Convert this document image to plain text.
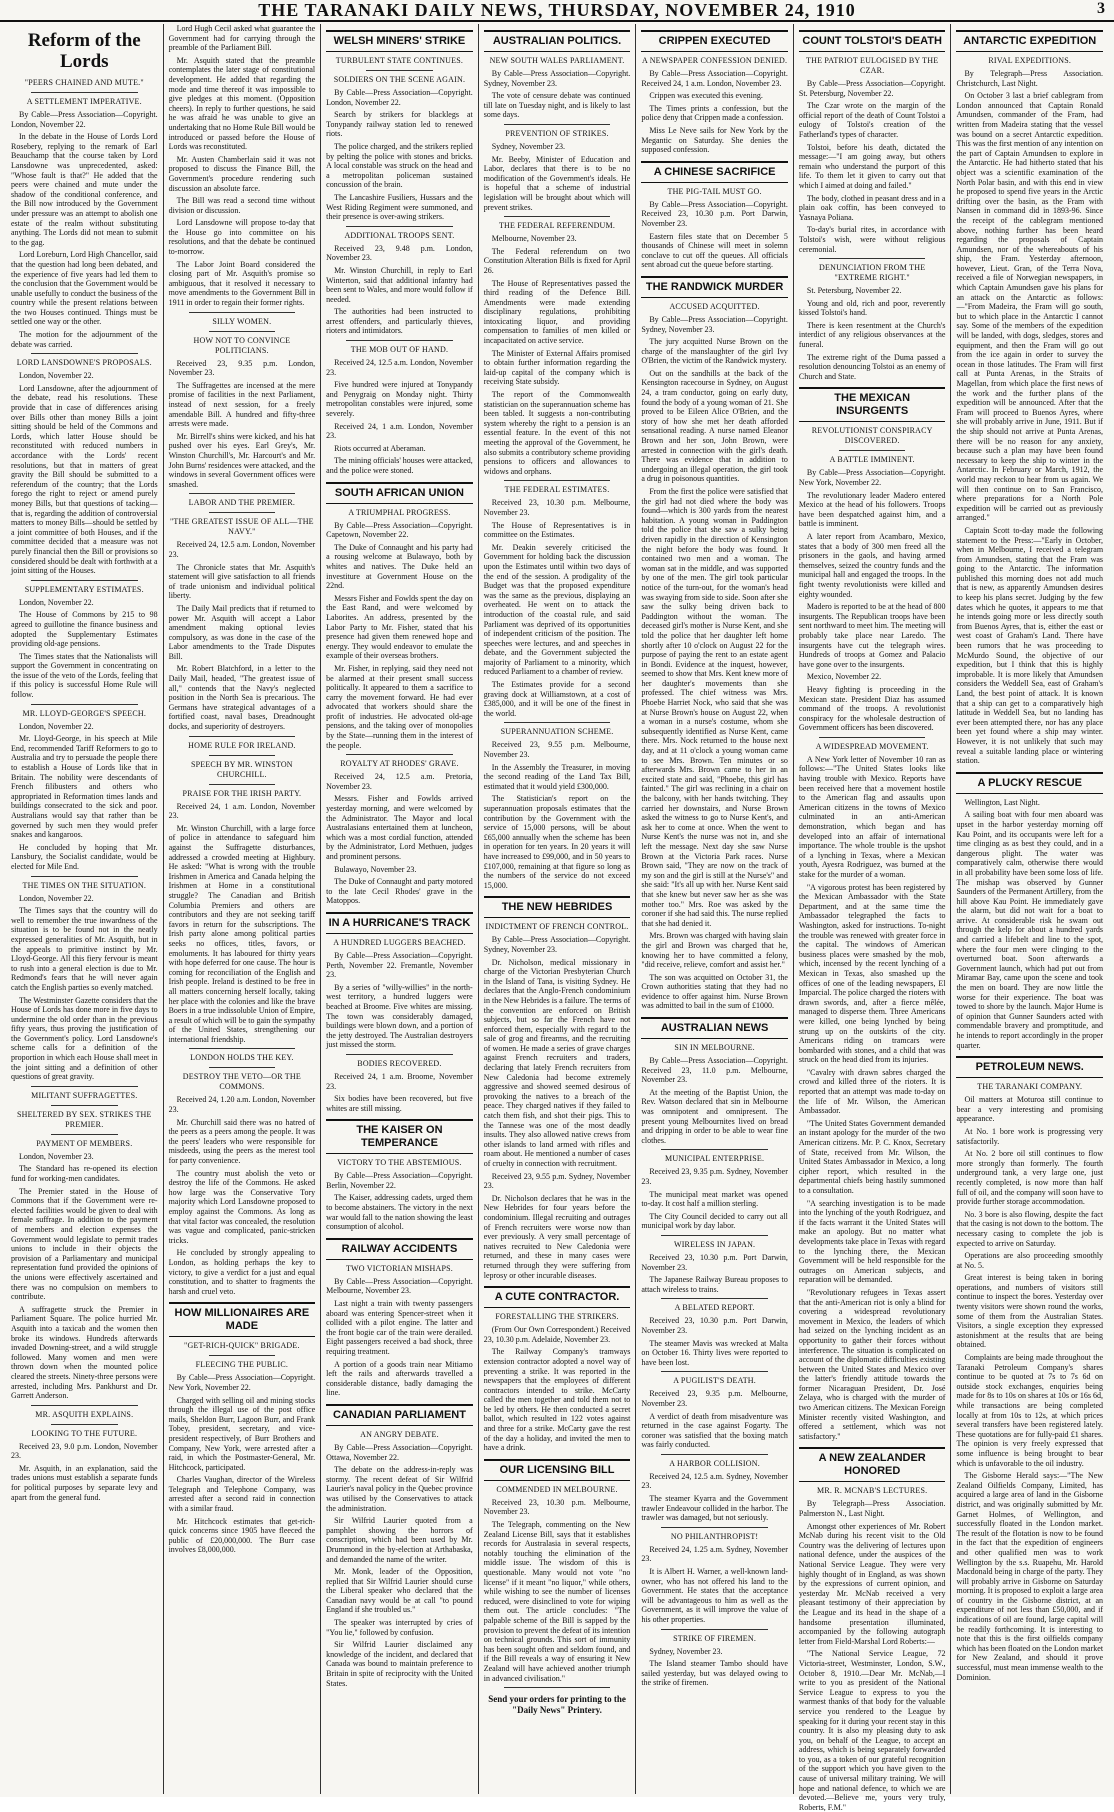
THE TARANAKI DAILY NEWS, THURSDAY, NOVEMBER 24, 1910	3
Reform of the Lords
"PEERS CHAINED AND MUTE."
A SETTLEMENT IMPERATIVE.

By Cable—Press Association—Copyright. London, November 22.

In the debate in the House of Lords Lord Rosebery, replying to the remark of Earl Beauchamp that the course taken by Lord Lansdowne was unprecedented, asked: "Whose fault is that?" He added that the peers were chained and mute under the shadow of the conditional conference, and the Bill now introduced by the Government under pressure was an attempt to abolish one estate of the realm without substituting anything. The Lords did not mean to submit to the gag.

Lord Loreburn, Lord High Chancellor, said that the question had long been debated, and the experience of five years had led them to the conclusion that the Government would be unable usefully to conduct the business of the country while the present relations between the two Houses continued. Things must be settled one way or the other.

The motion for the adjournment of the debate was carried.

LORD LANSDOWNE'S PROPOSALS.

London, November 22.

Lord Lansdowne, after the adjournment of the debate, read his resolutions. These provide that in case of differences arising over Bills other than money Bills a joint sitting should be held of the Commons and Lords, which latter House should be reconstituted with reduced numbers in accordance with the Lords' recent resolutions, but that in matters of great gravity the Bill should be submitted to a referendum of the country; that the Lords forego the right to reject or amend purely money Bills, but that questions of tacking—that is, regarding the addition of controversial matters to money Bills—should be settled by a joint committee of both Houses, and if the committee decided that a measure was not purely financial then the Bill or provisions so considered should be dealt with forthwith at a joint sitting of the Houses.

SUPPLEMENTARY ESTIMATES.

London, November 22.

The House of Commons by 215 to 98 agreed to guillotine the finance business and adopted the Supplementary Estimates providing old-age pensions.

The Times states that the Nationalists will support the Government in concentrating on the issue of the veto of the Lords, feeling that if this policy is successful Home Rule will follow.

MR. LLOYD-GEORGE'S SPEECH.

London, November 22.

Mr. Lloyd-George, in his speech at Mile End, recommended Tariff Reformers to go to Australia and try to persuade the people there to establish a House of Lords like that in Britain. The nobility were descendants of French filibusters and others who appropriated in Reformation times lands and buildings consecrated to the sick and poor. Australians would say that rather than be governed by such men they would prefer snakes and kangaroos.

He concluded by hoping that Mr. Lansbury, the Socialist candidate, would be elected for Mile End.

THE TIMES ON THE SITUATION.

London, November 22.

The Times says that the country will do well to remember the true inwardness of the situation is to be found not in the neatly expressed generalities of Mr. Asquith, but in the appeals to primitive instinct by Mr. Lloyd-George. All this fiery fervour is meant to rush into a general election is due to Mr. Redmond's fears that he will never again catch the English parties so evenly matched.

The Westminster Gazette considers that the House of Lords has done more in five days to undermine the old order than in the previous fifty years, thus proving the justification of the Government's policy. Lord Lansdowne's scheme calls for a definition of the proportion in which each House shall meet in the joint sitting and a definition of other questions of great gravity.

MILITANT SUFFRAGETTES.
SHELTERED BY SEX. STRIKES THE PREMIER.
PAYMENT OF MEMBERS.

London, November 23.

The Standard has re-opened its election fund for working-men candidates.

The Premier stated in the House of Commons that if the Government were re-elected facilities would be given to deal with female suffrage. In addition to the payment of members and election expenses the Government would legislate to permit trades unions to include in their objects the provision of a Parliamentary and municipal representation fund provided the opinions of the unions were effectively ascertained and there was no compulsion on members to contribute.

A suffragette struck the Premier in Parliament Square. The police hurried Mr. Asquith into a taxicab and the women then broke its windows. Hundreds afterwards invaded Downing-street, and a wild struggle followed. Many women and men were thrown down when the mounted police cleared the streets. Ninety-three persons were arrested, including Mrs. Pankhurst and Dr. Garrett Anderson.

MR. ASQUITH EXPLAINS.
LOOKING TO THE FUTURE.

Received 23, 9.0 p.m. London, November 23.

Mr. Asquith, in an explanation, said the trades unions must establish a separate funds for political purposes by separate levy and apart from the general fund.

Lord Hugh Cecil asked what guarantee the Government had for carrying through the preamble of the Parliament Bill.

Mr. Asquith stated that the preamble contemplates the later stage of constitutional development. He added that regarding the mode and time thereof it was impossible to give pledges at this moment. (Opposition cheers). In reply to further questions, he said he was afraid he was unable to give an undertaking that no Home Rule Bill would be introduced or passed before the House of Lords was reconstituted.

Mr. Austen Chamberlain said it was not proposed to discuss the Finance Bill, the Government's procedure rendering such discussion an absolute farce.

The Bill was read a second time without division or discussion.

Lord Lansdowne will propose to-day that the House go into committee on his resolutions, and that the debate be continued to-morrow.

The Labor Joint Board considered the closing part of Mr. Asquith's promise so ambiguous, that it resolved it necessary to move amendments to the Government Bill in 1911 in order to regain their former rights.

SILLY WOMEN.
HOW NOT TO CONVINCE POLITICIANS.

Received 23, 9.35 p.m. London, November 23.

The Suffragettes are incensed at the mere promise of facilities in the next Parliament, instead of next session, for a freely amendable Bill. A hundred and fifty-three arrests were made.

Mr. Birrell's shins were kicked, and his hat pushed over his eyes. Earl Grey's, Mr. Winston Churchill's, Mr. Harcourt's and Mr. John Burns' residences were attacked, and the windows in several Government offices were smashed.

LABOR AND THE PREMIER.
"THE GREATEST ISSUE OF ALL—THE NAVY."

Received 24, 12.5 a.m. London, November 23.

The Chronicle states that Mr. Asquith's statement will give satisfaction to all friends of trade unionism and individual political liberty.

The Daily Mail predicts that if returned to power Mr. Asquith will accept a Labor amendment making optional levies compulsory, as was done in the case of the Labor amendments to the Trade Disputes Bill.

Mr. Robert Blatchford, in a letter to the Daily Mail, headed, "The greatest issue of all," contends that the Navy's neglected position in the North Sea is precarious. The Germans have strategical advantages of a fortified coast, naval bases, Dreadnought docks, and superiority of destroyers.

HOME RULE FOR IRELAND.
SPEECH BY MR. WINSTON CHURCHILL.
PRAISE FOR THE IRISH PARTY.

Received 24, 1 a.m. London, November 23.

Mr. Winston Churchill, with a large force of police in attendance to safeguard him against the Suffragette disturbances, addressed a crowded meeting at Highbury. He asked: "What is wrong with the trouble Irishmen in America and Canada helping the Irishmen at Home in a constitutional struggle? The Canadian and British Columbia Premiers and others are contributors and they are not seeking tariff favors in return for the subscriptions. The Irish party alone among political parties seeks no offices, titles, favors, or emoluments. It has laboured for thirty years with hope deferred for one cause. The hour is coming for reconciliation of the English and Irish people. Ireland is destined to be free in all matters concerning herself locally, taking her place with the colonies and like the brave Boers in a true indissoluble Union of Empire, a result of which will be to gain the sympathy of the United States, strengthening our international friendship.

LONDON HOLDS THE KEY.
DESTROY THE VETO—OR THE COMMONS.

Received 24, 1.20 a.m. London, November 23.

Mr. Churchill said there was no hatred of the peers as a peers among the people. It was the peers' leaders who were responsible for misdeeds, using the peers as the merest tool for party convenience.

The country must abolish the veto or destroy the life of the Commons. He asked how large was the Conservative Tory majority which Lord Lansdowne proposed to employ against the Commons. As long as that vital factor was concealed, the resolution was vague and complicated, panic-stricken tricks.

He concluded by strongly appealing to London, as holding perhaps the key to victory, to give a verdict for a just and equal constitution, and to shatter to fragments the harsh and cruel veto.

HOW MILLIONAIRES ARE MADE
"GET-RICH-QUICK" BRIGADE.
FLEECING THE PUBLIC.

By Cable—Press Association—Copyright. New York, November 22.

Charged with selling oil and mining stocks through the illegal use of the post office mails, Sheldon Burr, Lagoon Burr, and Frank Tobey, president, secretary, and vice-president respectively, of Burr Brothers and Company, New York, were arrested after a raid, in which the Postmaster-General, Mr. Hitchcock, participated.

Charles Vaughan, director of the Wireless Telegraph and Telephone Company, was arrested after a second raid in connection with a similar fraud.

Mr. Hitchcock estimates that get-rich-quick concerns since 1905 have fleeced the public of £20,000,000. The Burr case involves £8,000,000.

WELSH MINERS' STRIKE
TURBULENT STATE CONTINUES.
SOLDIERS ON THE SCENE AGAIN.

By Cable—Press Association—Copyright. London, November 22.

Search by strikers for blacklegs at Tonypandy railway station led to renewed riots.

The police charged, and the strikers replied by pelting the police with stones and bricks. A local constable was struck on the head and a metropolitan policeman sustained concussion of the brain.

The Lancashire Fusiliers, Hussars and the West Riding Regiment were summoned, and their presence is over-awing strikers.

ADDITIONAL TROOPS SENT.

Received 23, 9.48 p.m. London, November 23.

Mr. Winston Churchill, in reply to Earl Winterton, said that additional infantry had been sent to Wales, and more would follow if needed.

The authorities had been instructed to arrest offenders, and particularly thieves, rioters and intimidators.

THE MOB OUT OF HAND.

Received 24, 12.5 a.m. London, November 23.

Five hundred were injured at Tonypandy and Penygraig on Monday night. Thirty metropolitan constables were injured, some severely.

Received 24, 1 a.m. London, November 23.

Riots occurred at Aberaman.

The mining officials' houses were attacked, and the police were stoned.

SOUTH AFRICAN UNION
A TRIUMPHAL PROGRESS.

By Cable—Press Association—Copyright. Capetown, November 22.

The Duke of Connaught and his party had a rousing welcome at Bulawayo, both by whites and natives. The Duke held an investiture at Government House on the 22nd.

Messrs Fisher and Fowlds spent the day on the East Rand, and were welcomed by Laborites. An address, presented by the Labor Party to Mr. Fisher, stated that his presence had given them renewed hope and energy. They would endeavor to emulate the example of their overseas brothers.

Mr. Fisher, in replying, said they need not be alarmed at their present small success politically. It appeared to them a sacrifice to carry the movement forward. He had ever advocated that workers should share the profit of industries. He advocated old-age pensions, and the taking over of monopolies by the State—running them in the interest of the people.

ROYALTY AT RHODES' GRAVE.

Received 24, 12.5 a.m. Pretoria, November 23.

Messrs. Fisher and Fowlds arrived yesterday morning, and were welcomed by the Administrator. The Mayor and local Australasians entertained them at luncheon, which was a most cordial function, attended by the Administrator, Lord Methuen, judges and prominent persons.

Bulawayo, November 23.

The Duke of Connaught and party motored to the late Cecil Rhodes' grave in the Matoppos.

IN A HURRICANE'S TRACK
A HUNDRED LUGGERS BEACHED.

By Cable—Press Association—Copyright. Perth, November 22. Fremantle, November 23.

By a series of "willy-willies" in the north-west territory, a hundred luggers were beached at Broome. Five whites are missing. The town was considerably damaged, buildings were blown down, and a portion of the jetty destroyed. The Australian destroyers just missed the storm.

BODIES RECOVERED.

Received 24, 1 a.m. Broome, November 23.

Six bodies have been recovered, but five whites are still missing.

THE KAISER ON TEMPERANCE
VICTORY TO THE ABSTEMIOUS.

By Cable—Press Association—Copyright. Berlin, November 22.

The Kaiser, addressing cadets, urged them to become abstainers. The victory in the next war would fall to the nation showing the least consumption of alcohol.

RAILWAY ACCIDENTS
TWO VICTORIAN MISHAPS.

By Cable—Press Association—Copyright. Melbourne, November 23.

Last night a train with twenty passengers aboard was entering Spencer-street when it collided with a pilot engine. The latter and the front bogie car of the train were derailed. Eight passengers received a bad shock, three requiring treatment.

A portion of a goods train near Mitiamo left the rails and afterwards travelled a considerable distance, badly damaging the line.

CANADIAN PARLIAMENT
AN ANGRY DEBATE.

By Cable—Press Association—Copyright. Ottawa, November 22.

The debate on the address-in-reply was stormy. The recent defeat of Sir Wilfrid Laurier's naval policy in the Quebec province was utilised by the Conservatives to attack the administration.

Sir Wilfrid Laurier quoted from a pamphlet showing the horrors of conscription, which had been used by Mr. Drummond in the by-election at Arthabaska, and demanded the name of the writer.

Mr. Monk, leader of the Opposition, replied that Sir Wilfrid Laurier should curse the Liberal speaker who declared that the Canadian navy would be at call "to pound England if she troubled us."

The speaker was interrupted by cries of "You lie," followed by confusion.

Sir Wilfrid Laurier disclaimed any knowledge of the incident, and declared that Canada was bound to maintain preference to Britain in spite of reciprocity with the United States.

AUSTRALIAN POLITICS.
NEW SOUTH WALES PARLIAMENT.

By Cable—Press Association—Copyright. Sydney, November 23.

The vote of censure debate was continued till late on Tuesday night, and is likely to last some days.

PREVENTION OF STRIKES.

Sydney, November 23.

Mr. Beeby, Minister of Education and Labor, declares that there is to be no modification of the Government's ideals. He is hopeful that a scheme of industrial legislation will be brought about which will prevent strikes.

THE FEDERAL REFERENDUM.

Melbourne, November 23.

The Federal referendum on two Constitution Alteration Bills is fixed for April 26.

The House of Representatives passed the third reading of the Defence Bill. Amendments were made extending disciplinary regulations, prohibiting intoxicating liquor, and providing compensation to families of men killed or incapacitated on active service.

The Minister of External Affairs promised to obtain further information regarding the laid-up capital of the company which is receiving State subsidy.

The report of the Commonwealth statistician on the superannuation scheme has been tabled. It suggests a non-contributing system whereby the right to a pension is an essential feature. In the event of this not meeting the approval of the Government, he also submits a contributory scheme providing pensions to officers and allowances to widows and orphans.

THE FEDERAL ESTIMATES.

Received 23, 10.30 p.m. Melbourne, November 23.

The House of Representatives is in committee on the Estimates.

Mr. Deakin severely criticised the Government for holding back the discussion upon the Estimates until within two days of the end of the session. A prodigality of the Budget was that the proposed expenditure was the same as the previous, displaying an overheated. He went on to attack the introduction of the coastal rule, and said Parliament was deprived of its opportunities of independent criticism of the position. The speeches were lectures, and and speeches in debate, and the Government subjected the majority of Parliament to a minority, which reduced Parliament to a chamber of review.

The Estimates provide for a second graving dock at Williamstown, at a cost of £385,000, and it will be one of the finest in the world.

SUPERANNUATION SCHEME.

Received 23, 9.55 p.m. Melbourne, November 23.

In the Assembly the Treasurer, in moving the second reading of the Land Tax Bill, estimated that it would yield £300,000.

The Statistician's report on the superannuation proposals estimates that the contribution by the Government with the service of 15,000 persons, will be about £65,000 annually when the scheme has been in operation for ten years. In 20 years it will have increased to £99,000, and in 50 years to £107,000, remaining at that figure so long as the numbers of the service do not exceed 15,000.

THE NEW HEBRIDES
INDICTMENT OF FRENCH CONTROL.

By Cable—Press Association—Copyright. Sydney, November 23.

Dr. Nicholson, medical missionary in charge of the Victorian Presbyterian Church in the Island of Tana, is visiting Sydney. He declares that the Anglo-French condominium in the New Hebrides is a failure. The terms of the convention are enforced on British subjects, but so far the French have not enforced them, especially with regard to the sale of grog and firearms, and the recruiting of women. He made a series of grave charges against French recruiters and traders, declaring that lately French recruiters from New Caledonia had become extremely aggressive and showed seemed desirous of provoking the natives to a breach of the peace. They charged natives if they failed to catch them fish, and shot their pigs. This to the Tannese was one of the most deadly insults. They also allowed native crews from other islands to land armed with rifles and roam about. He mentioned a number of cases of cruelty in connection with recruitment.

Received 23, 9.55 p.m. Sydney, November 23.

Dr. Nicholson declares that he was in the New Hebrides for four years before the condominium. Illegal recruiting and outrages of French recruiters were worse now than ever previously. A very small percentage of natives recruited to New Caledonia were returned, and these in many cases were returned through they were suffering from leprosy or other incurable diseases.

A CUTE CONTRACTOR.
FORESTALLING THE STRIKERS.

(From Our Own Correspondent.) Received 23, 10.30 p.m. Adelaide, November 23.

The Railway Company's tramways extension contractor adopted a novel way of preventing a strike. It was reported in the newspapers that the employees of different contractors intended to strike. McCarty called the men together and told them not to be led by others. He then conducted a secret ballot, which resulted in 122 votes against and three for a strike. McCarty gave the rest of the day a holiday, and invited the men to have a drink.

OUR LICENSING BILL
COMMENDED IN MELBOURNE.

Received 23, 10.30 p.m. Melbourne, November 23.

The Telegraph, commenting on the New Zealand License Bill, says that it establishes records for Australasia in several respects, notably touching the elimination of the middle issue. The wisdom of this is questionable. Many would not vote "no license" if it meant "no liquor," while others, while wishing to see the number of licenses reduced, were disinclined to vote for wiping them out. The article concludes: "The palpable scheme of the Bill is sapped by the provision to prevent the defeat of its intention on technical grounds. This sort of immunity has been sought often and seldom found, and if the Bill reveals a way of ensuring it New Zealand will have achieved another triumph in advanced civilisation."

Send your orders for printing to the "Daily News" Printery.
CRIPPEN EXECUTED
A NEWSPAPER CONFESSION DENIED.

By Cable—Press Association—Copyright. Received 24, 1 a.m. London, November 23.

Crippen was executed this evening.

The Times prints a confession, but the police deny that Crippen made a confession.

Miss Le Neve sails for New York by the Megantic on Saturday. She denies the supposed confession.

A CHINESE SACRIFICE
THE PIG-TAIL MUST GO.

By Cable—Press Association—Copyright. Received 23, 10.30 p.m. Port Darwin, November 23.

Eastern files state that on December 5 thousands of Chinese will meet in solemn conclave to cut off the queues. All officials sent abroad cut the queue before starting.

THE RANDWICK MURDER
ACCUSED ACQUITTED.

By Cable—Press Association—Copyright. Sydney, November 23.

The jury acquitted Nurse Brown on the charge of the manslaughter of the girl Ivy O'Brien, the victim of the Randwick mystery.

Out on the sandhills at the back of the Kensington racecourse in Sydney, on August 24, a tram conductor, going on early duty, found the body of a young woman of 21. She proved to be Eileen Alice O'Brien, and the story of how she met her death afforded sensational reading. A nurse named Eleanor Brown and her son, John Brown, were arrested in connection with the girl's death. There was evidence that in addition to undergoing an illegal operation, the girl took a drug in poisonous quantities.

From the first the police were satisfied that the girl had not died where the body was found—which is 300 yards from the nearest habitation. A young woman in Paddington told the police that she saw a sulky being driven rapidly in the direction of Kensington the night before the body was found. It contained two men and a woman. The woman sat in the middle, and was supported by one of the men. The girl took particular notice of the turn-out, for the woman's head was swaying from side to side. Soon after she saw the sulky being driven back to Paddington without the woman. The deceased girl's mother is Nurse Kent, and she told the police that her daughter left home shortly after 10 o'clock on August 22 for the purpose of paying the rent to an estate agent in Bondi. Evidence at the inquest, however, seemed to show that Mrs. Kent knew more of her daughter's movements than she professed. The chief witness was Mrs. Phoebe Harriet Nock, who said that she was at Nurse Brown's house on August 22, when a woman in a nurse's costume, whom she subsequently identified as Nurse Kent, came there. Mrs. Nock returned to the house next day, and at 11 o'clock a young woman came to see Mrs. Brown. Ten minutes or so afterwards Mrs. Brown came to her in an excited state and said, "Phoebe, this girl has fainted." The girl was reclining in a chair on the balcony, with her hands twitching. They carried her downstairs, and Nurse Brown asked the witness to go to Nurse Kent's, and ask her to come at once. When the went to Nurse Kent's the nurse was not in, and she left the message. Next day she saw Nurse Brown at the Victoria Park races. Nurse Brown said, "They are now on the track of my son and the girl is still at the Nurse's" and she said: "It's all up with her. Nurse Kent said that she knew but never saw her as she was mother too." Mrs. Roe was asked by the coroner if she had said this. The nurse replied that she had denied it.

Mrs. Brown was charged with having slain the girl and Brown was charged that he, knowing her to have committed a felony, "did receive, relieve, comfort and assist her."

The son was acquitted on October 31, the Crown authorities stating that they had no evidence to offer against him. Nurse Brown was admitted to bail in the sum of £1000.

AUSTRALIAN NEWS
SIN IN MELBOURNE.

By Cable—Press Association—Copyright. Received 23, 11.0 p.m. Melbourne, November 23.

At the meeting of the Baptist Union, the Rev. Watson declared that sin in Melbourne was omnipotent and omnipresent. The present young Melbournites lived on bread and dripping in order to be able to wear fine clothes.

MUNICIPAL ENTERPRISE.

Received 23, 9.35 p.m. Sydney, November 23.

The municipal meat market was opened to-day. It cost half a million sterling.

The City Council decided to carry out all municipal work by day labor.

WIRELESS IN JAPAN.

Received 23, 10.30 p.m. Port Darwin, November 23.

The Japanese Railway Bureau proposes to attach wireless to trains.

A BELATED REPORT.

Received 23, 10.30 p.m. Port Darwin, November 23.

The steamer Mavis was wrecked at Malta on October 16. Thirty lives were reported to have been lost.

A PUGILIST'S DEATH.

Received 23, 9.35 p.m. Melbourne, November 23.

A verdict of death from misadventure was returned in the case against Fogarty. The coroner was satisfied that the boxing match was fairly conducted.

A HARBOR COLLISION.

Received 24, 12.5 a.m. Sydney, November 23.

The steamer Kyarra and the Government trawler Endeavour collided in the harbor. The trawler was damaged, but not seriously.

NO PHILANTHROPIST!

Received 24, 1.25 a.m. Sydney, November 23.

It is Albert H. Warner, a well-known land-owner, who has not offered his land to the Government. He states that the acceptance will be advantageous to him as well as the Government, as it will improve the value of his other properties.

STRIKE OF FIREMEN.

Sydney, November 23.

The Island steamer Tambo should have sailed yesterday, but was delayed owing to the strike of firemen.

COUNT TOLSTOI'S DEATH
THE PATRIOT EULOGISED BY THE CZAR.

By Cable—Press Association—Copyright. St. Petersburg, November 22.

The Czar wrote on the margin of the official report of the death of Count Tolstoi a eulogy of Tolstoi's creation of the Fatherland's types of character.

Tolstoi, before his death, dictated the message:—"I am going away, but others remain who understand the purport of this life. To them let it given to carry out that which I aimed at doing and failed."

The body, clothed in peasant dress and in a plain oak coffin, has been conveyed to Yasnaya Poliana.

To-day's burial rites, in accordance with Tolstoi's wish, were without religious ceremonial.

DENUNCIATION FROM THE "EXTREME RIGHT."

St. Petersburg, November 22.

Young and old, rich and poor, reverently kissed Tolstoi's hand.

There is keen resentment at the Church's interdict of any religious observances at the funeral.

The extreme right of the Duma passed a resolution denouncing Tolstoi as an enemy of Church and State.

THE MEXICAN INSURGENTS
REVOLUTIONIST CONSPIRACY DISCOVERED.
A BATTLE IMMINENT.

By Cable—Press Association—Copyright. New York, November 22.

The revolutionary leader Madero entered Mexico at the head of his followers. Troops have been despatched against him, and a battle is imminent.

A later report from Acambaro, Mexico, states that a body of 300 men freed all the prisoners in the gaols, and having armed themselves, seized the country funds and the municipal hall and engaged the troops. In the fight twenty revolutionists were killed and eighty wounded.

Madero is reported to be at the head of 800 insurgents. The Republican troops have been sent northward to meet him. The meeting will probably take place near Laredo. The insurgents have cut the telegraph wires. Hundreds of troops at Gomez and Palacio have gone over to the insurgents.

Mexico, November 22.

Heavy fighting is proceeding in the Mexican state. President Diaz has assumed command of the troops. A revolutionist conspiracy for the wholesale destruction of Government officers has been discovered.

A WIDESPREAD MOVEMENT.

A New York letter of November 10 ran as follows:—"The United States looks like having trouble with Mexico. Reports have been received here that a movement hostile to the American flag and assaults upon American citizens in the towns of Mexico culminated in an anti-American demonstration, which began and has developed into an affair of international importance. The whole trouble is the upshot of a lynching in Texas, where a Mexican youth, Ayesra Rodriguez, was burned at the stake for the murder of a woman.

"A vigorous protest has been registered by the Mexican Ambassador with the State Department, and at the same time the Ambassador telegraphed the facts to Washington, asked for instructions. To-night the trouble was renewed with greater force in the capital. The windows of American business places were smashed by the mob, which, incensed by the recent lynching of a Mexican in Texas, also smashed up the offices of one of the leading newspapers, El Imparcial. The police charged the rioters with drawn swords, and, after a fierce mêlée, managed to disperse them. Three Americans were killed, one being lynched by being strung up on the outskirts of the city. Americans riding on tramcars were bombarded with stones, and a child that was struck on the head died from its injuries.

"Cavalry with drawn sabres charged the crowd and killed three of the rioters. It is reported that an attempt was made to-day on the life of Mr. Wilson, the American Ambassador.

"The United States Government demanded an instant apology for the murder of the two American citizens. Mr. P. C. Knox, Secretary of State, received from Mr. Wilson, the United States Ambassador in Mexico, a long cipher report, which resulted in the departmental chiefs being hastily summoned to a consultation.

"A searching investigation is to be made into the lynching of the youth Rodriguez, and if the facts warrant it the United States will make an apology. But no matter what developments take place in Texas with regard to the lynching there, the Mexican Government will be held responsible for the outrages on American subjects, and reparation will be demanded.

"Revolutionary refugees in Texas assert that the anti-American riot is only a blind for covering a widespread revolutionary movement in Mexico, the leaders of which had seized on the lynching incident as an opportunity to gather their forces without interference. The situation is complicated on account of the diplomatic difficulties existing between the United States and Mexico over the latter's friendly attitude towards the former Nicaraguan President, Dr. José Zelaya, who is charged with the murder of two American citizens. The Mexican Foreign Minister recently visited Washington, and offered a settlement, which was not satisfactory."

A NEW ZEALANDER HONORED
MR. R. MCNAB'S LECTURES.

By Telegraph—Press Association. Palmerston N., Last Night.

Amongst other experiences of Mr. Robert McNab during his recent visit to the Old Country was the delivering of lectures upon national defence, under the auspices of the National Service League. They were very highly thought of in England, as was shown by the expressions of current opinion, and yesterday Mr. McNab received a very pleasant testimony of their appreciation by the League and its head in the shape of a handsome presentation illuminated, accompanied by the following autograph letter from Field-Marshal Lord Roberts:—

"The National Service League, 72 Victoria-street, Westminster, London, S.W., October 8, 1910.—Dear Mr. McNab,—I write to you as president of the National Service League to express to you the warmest thanks of that body for the valuable service you rendered to the League by speaking for it during your recent stay in this country. It is also my pleasing duty to ask you, on behalf of the League, to accept an address, which is being separately forwarded to you, as a token of our grateful recognition of the support which you have given to the cause of universal military training. We will hope and national defence, to which we are devoted.—Believe me, yours very truly, Roberts, F.M."

ANTARCTIC EXPEDITION
RIVAL EXPEDITIONS.

By Telegraph—Press Association. Christchurch, Last Night.

On October 3 last a brief cablegram from London announced that Captain Ronald Amundsen, commander of the Fram, had written from Madeira stating that the vessel was bound on a secret Antarctic expedition. This was the first mention of any intention on the part of Captain Amundsen to explore in the Antarctic. He had hitherto stated that his object was a scientific examination of the North Polar basin, and with this end in view he proposed to spend five years in the Arctic drifting over the basin, as the Fram with Nansen in command did in 1893-96. Since the receipt of the cablegram mentioned above, nothing further has been heard regarding the proposals of Captain Amundsen, nor of the whereabouts of his ship, the Fram. Yesterday afternoon, however, Lieut. Gran, of the Terra Nova, received a file of Norwegian newspapers, in which Captain Amundsen gave his plans for an attack on the Antarctic as follows:—"From Madeira, the Fram will go south, but to which place in the Antarctic I cannot say. Some of the members of the expedition will be landed, with dogs, sledges, stores and equipment, and then the Fram will go out from the ice again in order to survey the ocean in those latitudes. The Fram will first call at Punta Arenas, in the Straits of Magellan, from which place the first news of the work and the further plans of the expedition will be announced. After that the Fram will proceed to Buenos Ayres, where she will probably arrive in June, 1911. But if the ship should not arrive at Punta Arenas, there will be no reason for any anxiety, because such a plan may have been found necessary to keep the ship to winter in the Antarctic. In February or March, 1912, the world may reckon to hear from us again. We will then continue on to San Francisco, where preparations for a North Pole expedition will be carried out as previously arranged."

Captain Scott to-day made the following statement to the Press:—"Early in October, when in Melbourne, I received a telegram from Amundsen, stating that the Fram was going to the Antarctic. The information published this morning does not add much that is new, as apparently Amundsen desires to keep his plans secret. Judging by the few dates which he quotes, it appears to me that he intends going more or less directly south from Buenos Ayres, that is, either the east or west coast of Graham's Land. There have been rumors that he was proceeding to McMurdo Sound, the objective of our expedition, but I think that this is highly improbable. It is more likely that Amundsen considers the Weddell Sea, east of Graham's Land, the best point of attack. It is known that a ship can get to a comparatively high latitude in Weddell Sea, but no landing has ever been attempted there, nor has any place been yet found where a ship may winter. However, it is not unlikely that such may reveal a suitable landing place or wintering station.

A PLUCKY RESCUE

Wellington, Last Night.

A sailing boat with four men aboard was upset in the harbor yesterday morning off Kau Point, and its occupants were left for a time clinging as as best they could, and in a dangerous plight. The water was comparatively calm, otherwise there would in all probability have been some loss of life. The mishap was observed by Gunner Saunders of the Permanent Artillery, from the hill above Kau Point. He immediately gave the alarm, but did not wait for a boat to arrive. At considerable risk he swam out through the kelp for about a hundred yards and carried a lifebelt and line to the spot, where the four men were clinging to the overturned boat. Soon afterwards a Government launch, which had put out from Miramar Bay, came upon the scene and took the men on board. They are now little the worse for their experience. The boat was towed to shore by the launch. Major Hume is of opinion that Gunner Saunders acted with commendable bravery and promptitude, and he intends to report accordingly in the proper quarter.

PETROLEUM NEWS.
THE TARANAKI COMPANY.

Oil matters at Moturoa still continue to bear a very interesting and promising appearance.

At No. 1 bore work is progressing very satisfactorily.

At No. 2 bore oil still continues to flow more strongly than formerly. The fourth underground tank, a very large one, just recently completed, is now more than half full of oil, and the company will soon have to provide further storage accommodation.

No. 3 bore is also flowing, despite the fact that the casing is not down to the bottom. The necessary casing to complete the job is expected to arrive on Saturday.

Operations are also proceeding smoothly at No. 5.

Great interest is being taken in boring operations, and numbers of visitors still continue to inspect the bores. Yesterday over twenty visitors were shown round the works, some of them from the Australian States. Visitors, a single exception they expressed astonishment at the results that are being obtained.

Complaints are being made throughout the Taranaki Petroleum Company's shares continue to be quoted at 7s to 7s 6d on outside stock exchanges, enquiries being made for 8s to 10s on shares at 10s or 16s 6d, while transactions are being completed locally at from 10s to 12s, at which prices several transfers have been registered lately. These quotations are for fully-paid £1 shares. The opinion is very freely expressed that some influence is being brought to bear which is unfavorable to the oil industry.

The Gisborne Herald says:—"The New Zealand Oilfields Company, Limited, has acquired a large area of land in the Gisborne district, and was originally submitted by Mr. Garnet Holmes, of Wellington, and successfully floated in the London market. The result of the flotation is now to be found in the fact that the expedition of engineers and other qualified men was to work Wellington by the s.s. Ruapehu, Mr. Harold Macdonald being in charge of the party. They will probably arrive in Gisborne on Saturday morning. It is proposed to exploit a large area of country in the Gisborne district, at an expenditure of not less than £50,000, and if indications of oil are found, large capital will be readily forthcoming. It is interesting to note that this is the first oilfields company which has been floated on the London market for New Zealand, and should it prove successful, must mean immense wealth to the Dominion.
